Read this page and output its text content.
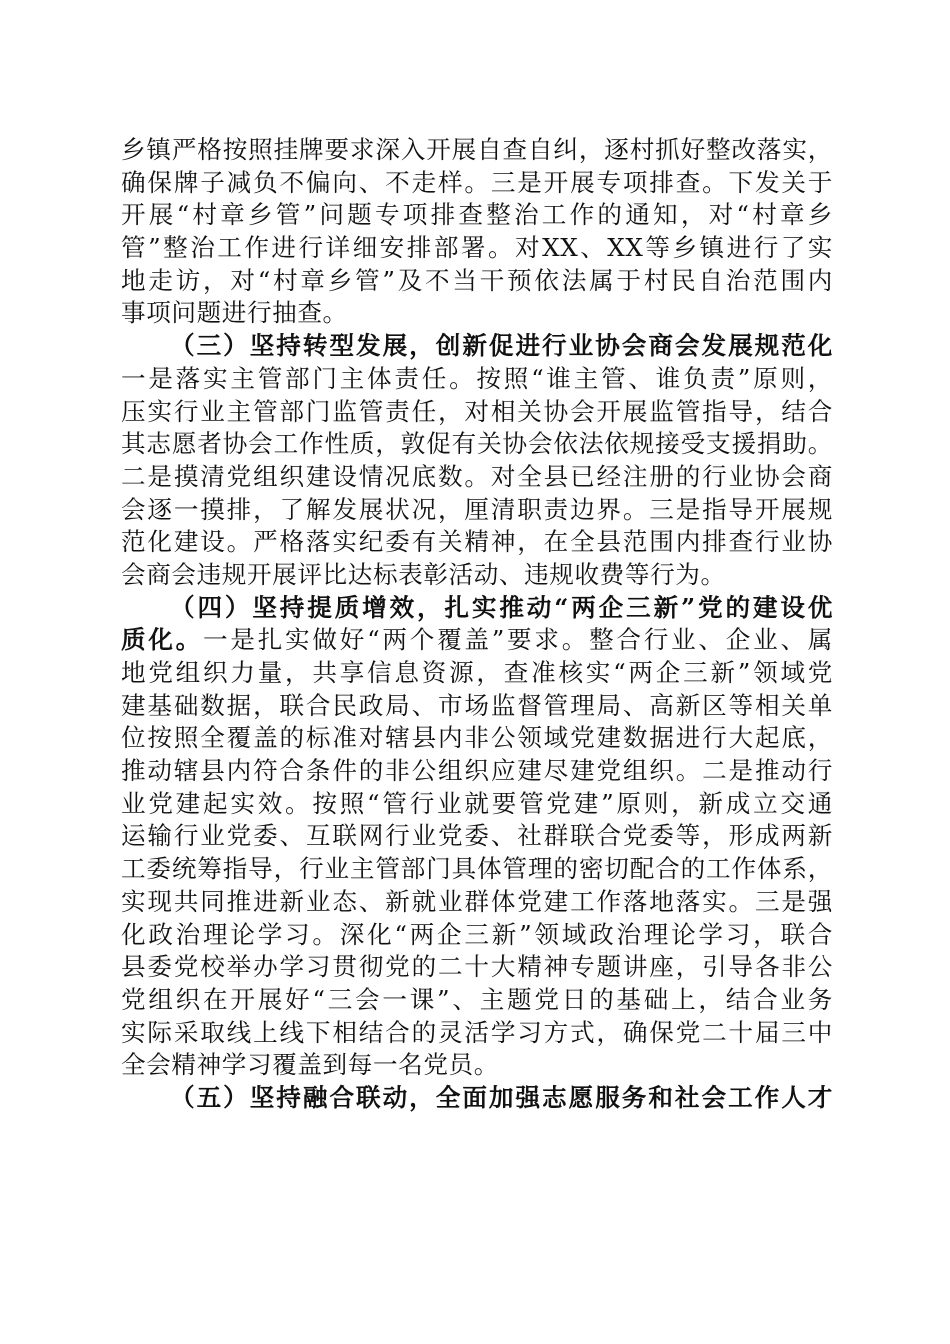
乡镇严格按照挂牌要求深入开展自查自纠，逐村抓好整改落实，
确保牌子减负不偏向、不走样。三是开展专项排查。下发关于
开展“村章乡管”问题专项排查整治工作的通知，对“村章乡
管”整治工作进行详细安排部署。对XX、XX等乡镇进行了实
地走访，对“村章乡管”及不当干预依法属于村民自治范围内
事项问题进行抽查。
（三）坚持转型发展，创新促进行业协会商会发展规范化
一是落实主管部门主体责任。按照“谁主管、谁负责”原则，
压实行业主管部门监管责任，对相关协会开展监管指导，结合
其志愿者协会工作性质，敦促有关协会依法依规接受支援捐助。
二是摸清党组织建设情况底数。对全县已经注册的行业协会商
会逐一摸排，了解发展状况，厘清职责边界。三是指导开展规
范化建设。严格落实纪委有关精神，在全县范围内排查行业协
会商会违规开展评比达标表彰活动、违规收费等行为。
（四）坚持提质增效，扎实推动“两企三新”党的建设优
质化。一是扎实做好“两个覆盖”要求。整合行业、企业、属
地党组织力量，共享信息资源，查准核实“两企三新”领域党
建基础数据，联合民政局、市场监督管理局、高新区等相关单
位按照全覆盖的标准对辖县内非公领域党建数据进行大起底，
推动辖县内符合条件的非公组织应建尽建党组织。二是推动行
业党建起实效。按照“管行业就要管党建”原则，新成立交通
运输行业党委、互联网行业党委、社群联合党委等，形成两新
工委统筹指导，行业主管部门具体管理的密切配合的工作体系，
实现共同推进新业态、新就业群体党建工作落地落实。三是强
化政治理论学习。深化“两企三新”领域政治理论学习，联合
县委党校举办学习贯彻党的二十大精神专题讲座，引导各非公
党组织在开展好“三会一课”、主题党日的基础上，结合业务
实际采取线上线下相结合的灵活学习方式，确保党二十届三中
全会精神学习覆盖到每一名党员。
（五）坚持融合联动，全面加强志愿服务和社会工作人才
